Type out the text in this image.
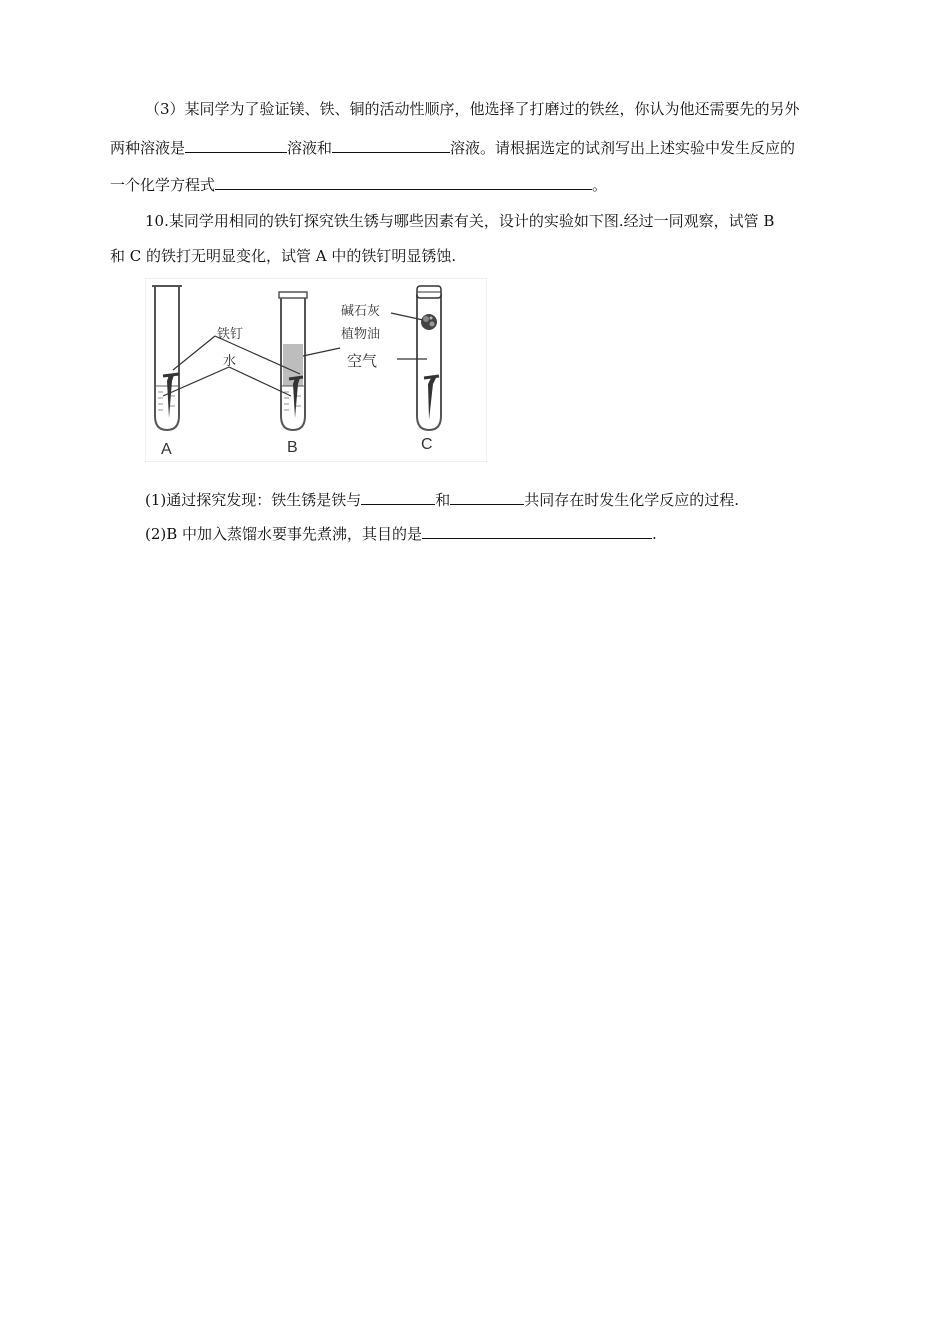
（3）某同学为了验证镁、铁、铜的活动性顺序，他选择了打磨过的铁丝，你认为他还需要先的另外
两种溶液是	溶液和	溶液。请根据选定的试剂写出上述实验中发生反应的
一个化学方程式	。
10.某同学用相同的铁钉探究铁生锈与哪些因素有关，设计的实验如下图.经过一同观察，试管 B
和 C 的铁打无明显变化，试管 A 中的铁钉明显锈蚀.
铁钉
水
碱石灰
植物油
空气
A	B	C
(1)通过探究发现：铁生锈是铁与	和	共同存在时发生化学反应的过程.
(2)B 中加入蒸馏水要事先煮沸，其目的是	.
